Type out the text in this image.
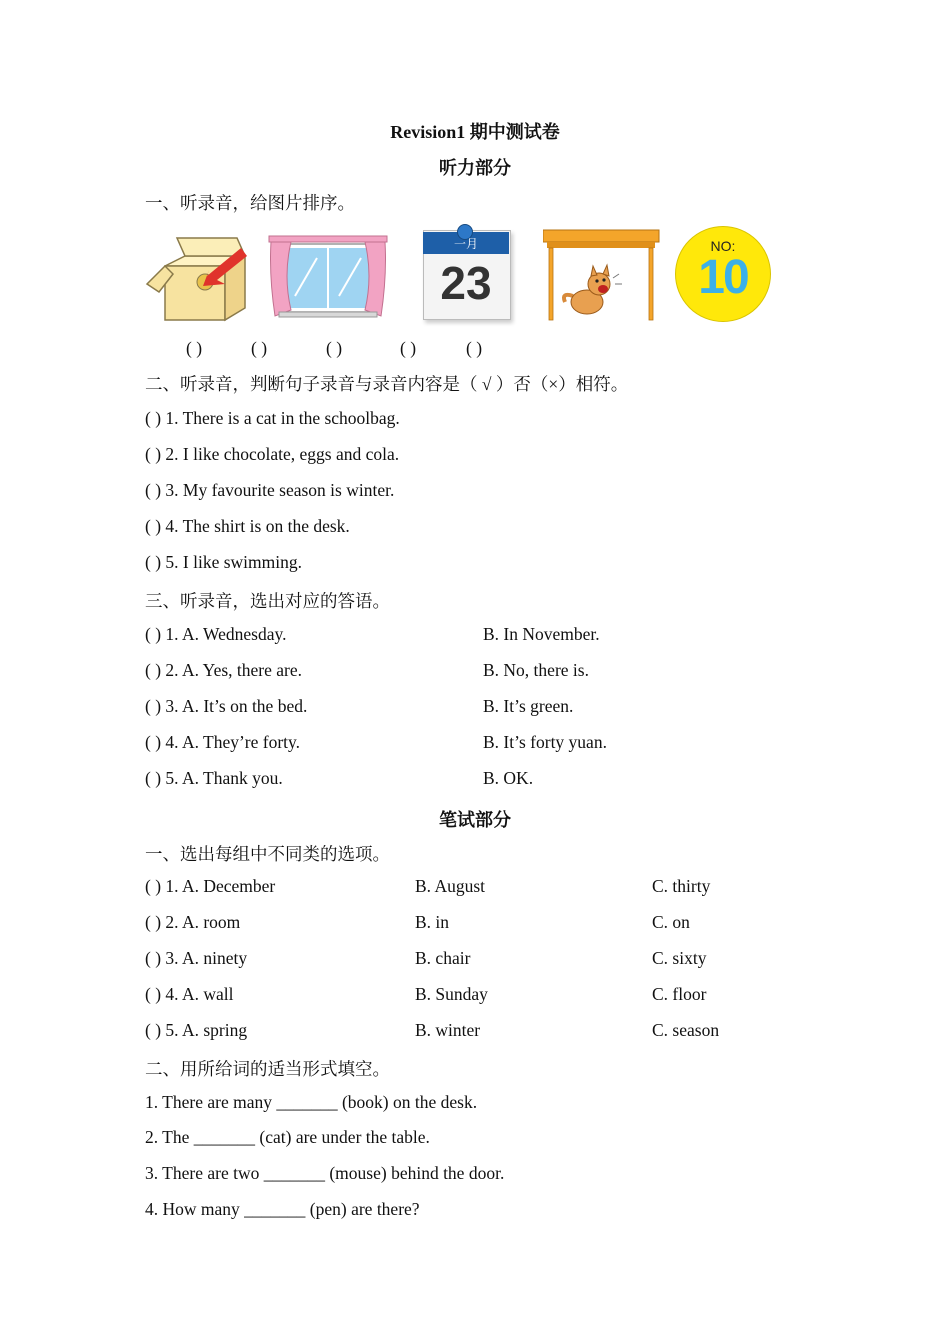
Revision1 期中测试卷
听力部分
一、听录音，给图片排序。
一月
23
NO:
10
( )	( )	( )	( )	( )
二、听录音，判断句子录音与录音内容是（ √ ）否（×）相符。
( ) 1. There is a cat in the schoolbag.
( ) 2. I like chocolate, eggs and cola.
( ) 3. My favourite season is winter.
( ) 4. The shirt is on the desk.
( ) 5. I like swimming.
三、听录音，选出对应的答语。
( ) 1. A. Wednesday.	B. In November.
( ) 2. A. Yes, there are.	B. No, there is.
( ) 3. A. It’s on the bed.	B. It’s green.
( ) 4. A. They’re forty.	B. It’s forty yuan.
( ) 5. A. Thank you.	B. OK.
笔试部分
一、选出每组中不同类的选项。
( ) 1. A. December	B. August	C. thirty
( ) 2. A. room	B. in	C. on
( ) 3. A. ninety	B. chair	C. sixty
( ) 4. A. wall	B. Sunday	C. floor
( ) 5. A. spring	B. winter	C. season
二、用所给词的适当形式填空。
1. There are many _______ (book) on the desk.
2. The _______ (cat) are under the table.
3. There are two _______ (mouse) behind the door.
4. How many _______ (pen) are there?
